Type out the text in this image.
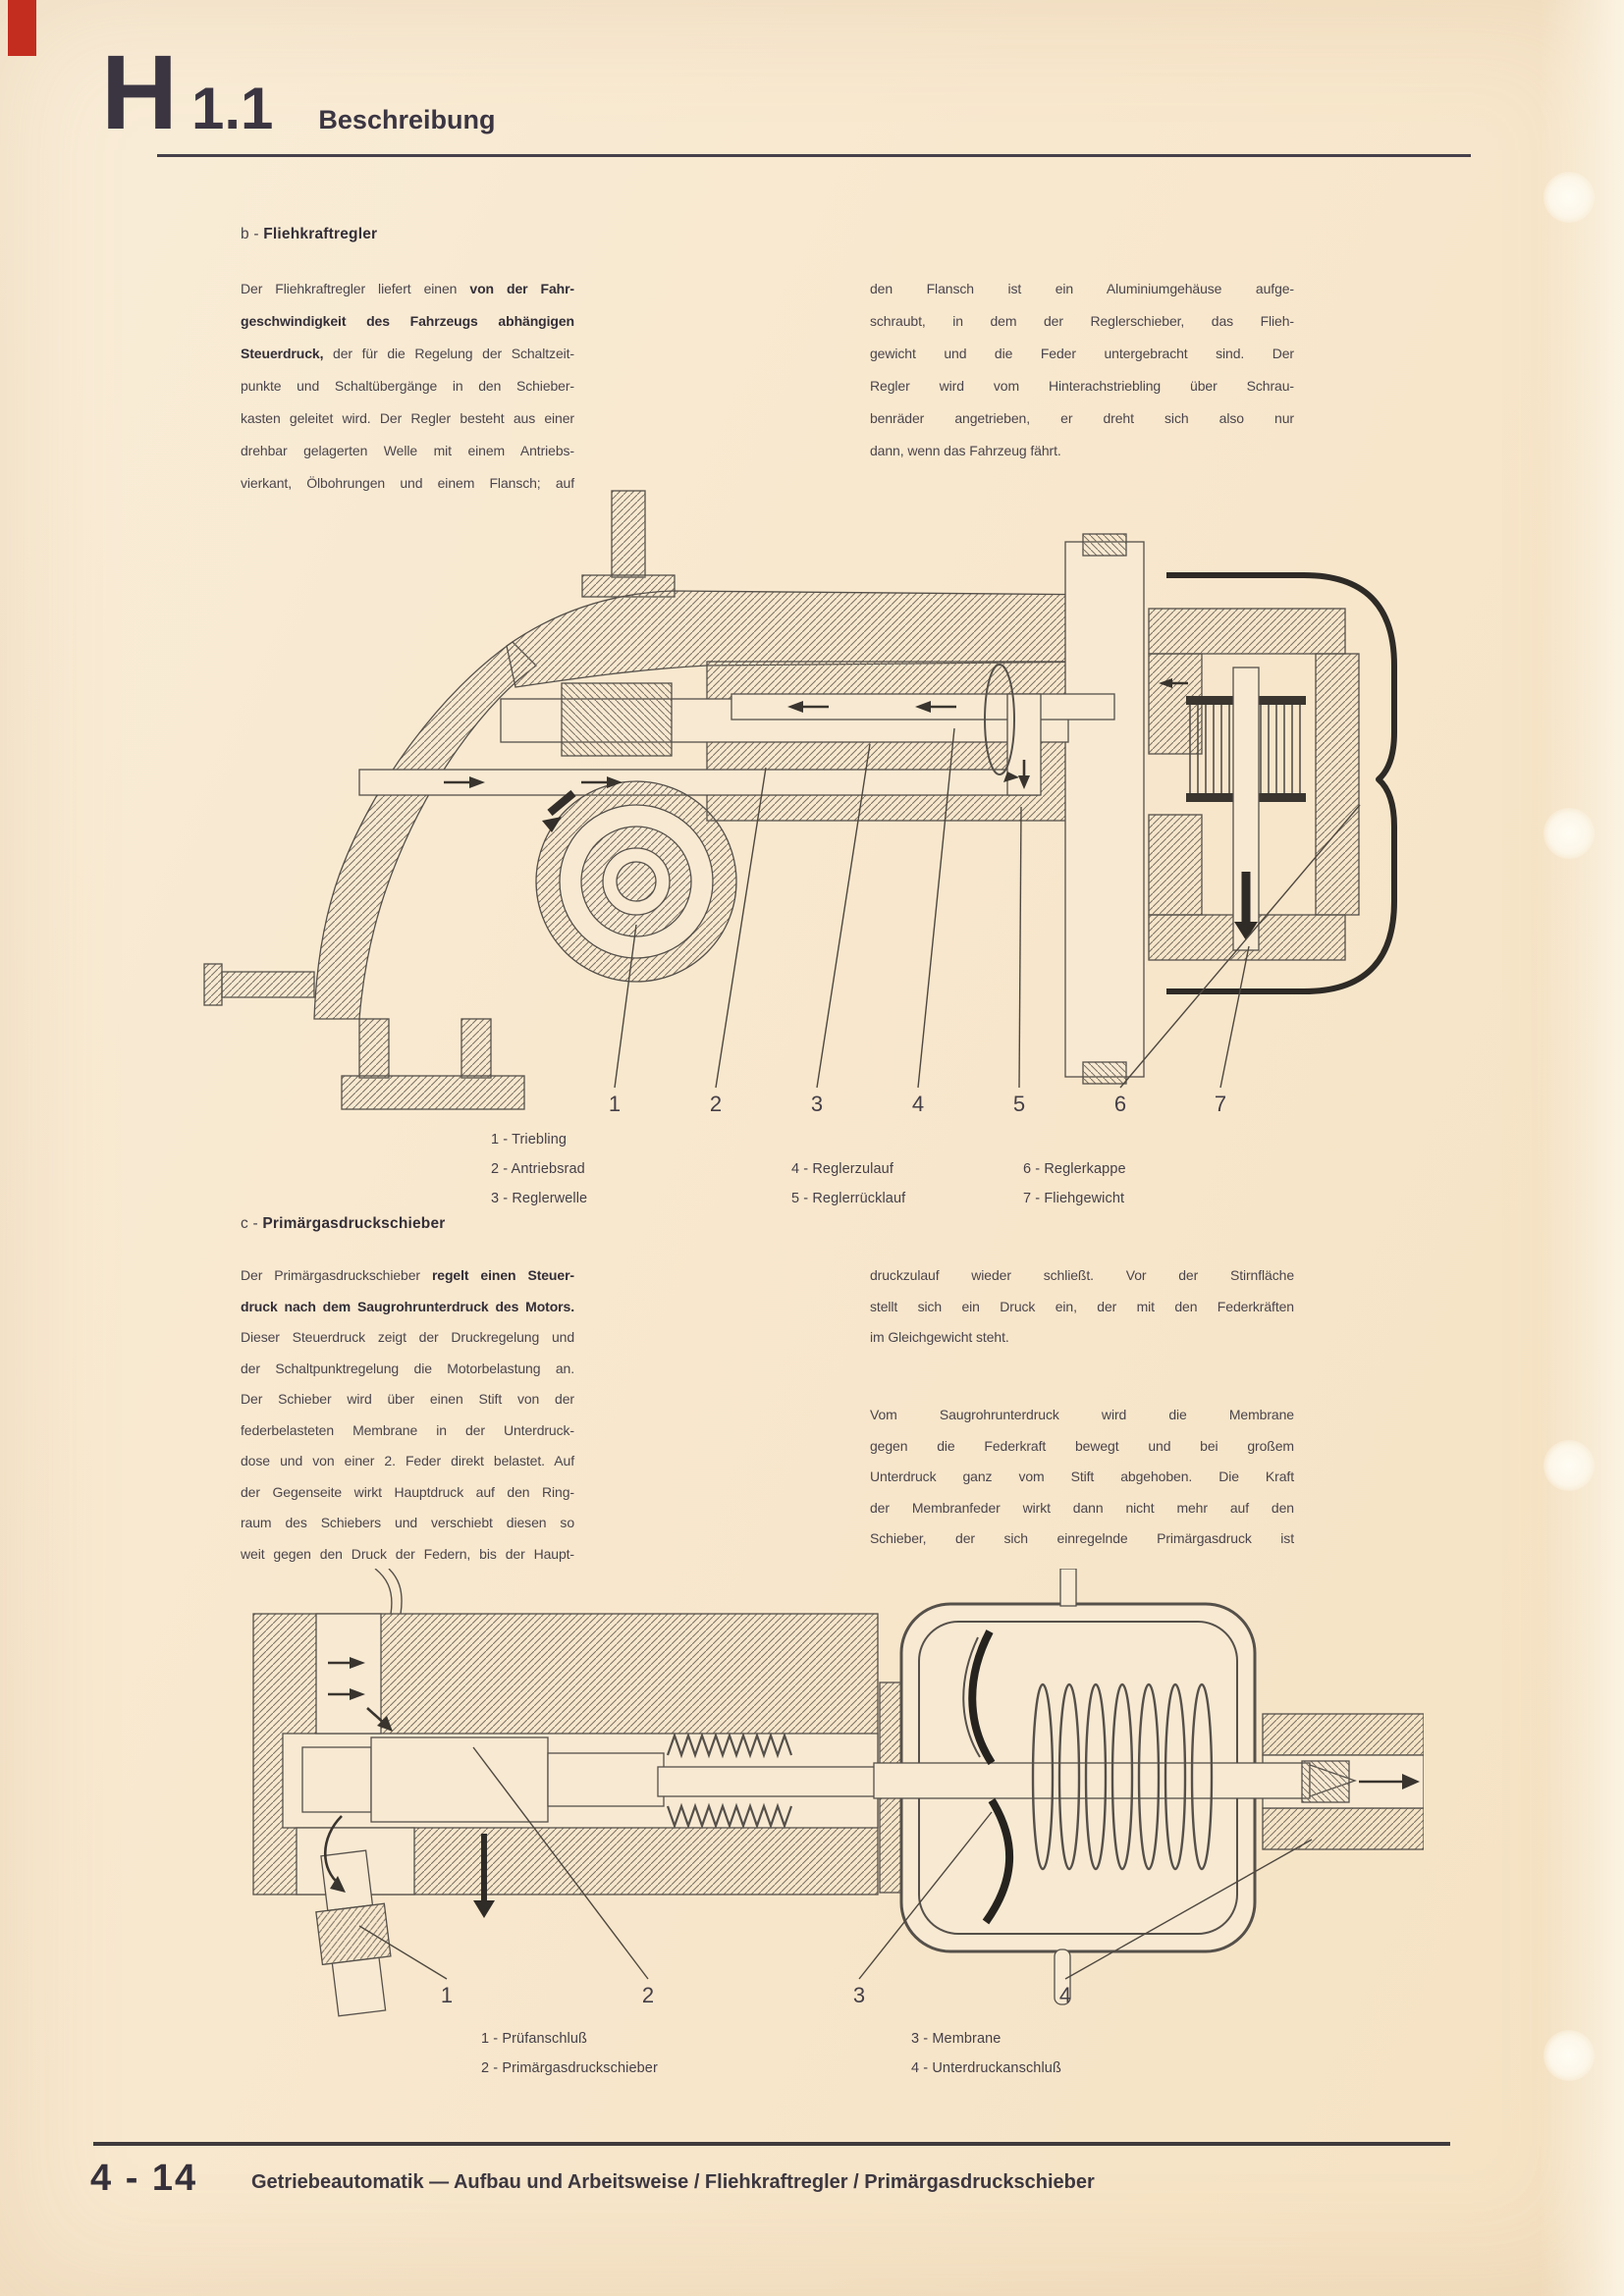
H 1.1 Beschreibung
b - Fliehkraftregler
Der Fliehkraftregler liefert einen von der Fahr-
geschwindigkeit des Fahrzeugs abhängigen
Steuerdruck, der für die Regelung der Schaltzeit-
punkte und Schaltübergänge in den Schieber-
kasten geleitet wird. Der Regler besteht aus einer
drehbar gelagerten Welle mit einem Antriebs-
vierkant, Ölbohrungen und einem Flansch; auf
den Flansch ist ein Aluminiumgehäuse aufge-
schraubt, in dem der Reglerschieber, das Flieh-
gewicht und die Feder untergebracht sind. Der
Regler wird vom Hinterachstriebling über Schrau-
benräder angetrieben, er dreht sich also nur
dann, wenn das Fahrzeug fährt.
1	2	3	4	5	6	7
1 - Triebling
2 - Antriebsrad
3 - Reglerwelle
4 - Reglerzulauf
5 - Reglerrücklauf
6 - Reglerkappe
7 - Fliehgewicht
c - Primärgasdruckschieber
Der Primärgasdruckschieber regelt einen Steuer-
druck nach dem Saugrohrunterdruck des Motors.
Dieser Steuerdruck zeigt der Druckregelung und
der Schaltpunktregelung die Motorbelastung an.
Der Schieber wird über einen Stift von der
federbelasteten Membrane in der Unterdruck-
dose und von einer 2. Feder direkt belastet. Auf
der Gegenseite wirkt Hauptdruck auf den Ring-
raum des Schiebers und verschiebt diesen so
weit gegen den Druck der Federn, bis der Haupt-
druckzulauf wieder schließt. Vor der Stirnfläche
stellt sich ein Druck ein, der mit den Federkräften
im Gleichgewicht steht.
Vom Saugrohrunterdruck wird die Membrane
gegen die Federkraft bewegt und bei großem
Unterdruck ganz vom Stift abgehoben. Die Kraft
der Membranfeder wirkt dann nicht mehr auf den
Schieber, der sich einregelnde Primärgasdruck ist
1	2	3	4
1 - Prüfanschluß
2 - Primärgasdruckschieber
3 - Membrane
4 - Unterdruckanschluß
4 - 14	Getriebeautomatik — Aufbau und Arbeitsweise / Fliehkraftregler / Primärgasdruckschieber
